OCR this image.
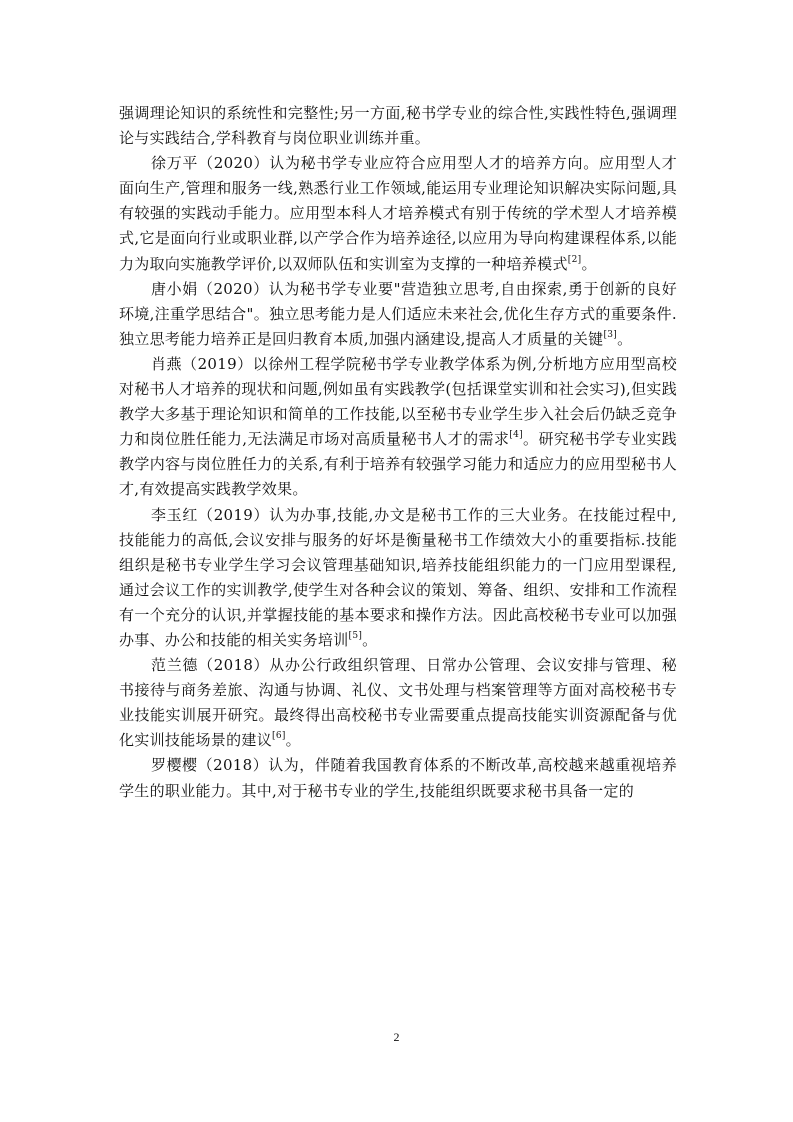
强调理论知识的系统性和完整性;另一方面,秘书学专业的综合性,实践性特色,强调理论与实践结合,学科教育与岗位职业训练并重。

徐万平（2020）认为秘书学专业应符合应用型人才的培养方向。应用型人才面向生产,管理和服务一线,熟悉行业工作领域,能运用专业理论知识解决实际问题,具有较强的实践动手能力。应用型本科人才培养模式有别于传统的学术型人才培养模式,它是面向行业或职业群,以产学合作为培养途径,以应用为导向构建课程体系,以能力为取向实施教学评价,以双师队伍和实训室为支撑的一种培养模式[2]。

唐小娟（2020）认为秘书学专业要"营造独立思考,自由探索,勇于创新的良好环境,注重学思结合"。独立思考能力是人们适应未来社会,优化生存方式的重要条件.独立思考能力培养正是回归教育本质,加强内涵建设,提高人才质量的关键[3]。

肖燕（2019）以徐州工程学院秘书学专业教学体系为例,分析地方应用型高校对秘书人才培养的现状和问题,例如虽有实践教学(包括课堂实训和社会实习),但实践教学大多基于理论知识和简单的工作技能,以至秘书专业学生步入社会后仍缺乏竞争力和岗位胜任能力,无法满足市场对高质量秘书人才的需求[4]。研究秘书学专业实践教学内容与岗位胜任力的关系,有利于培养有较强学习能力和适应力的应用型秘书人才,有效提高实践教学效果。

李玉红（2019）认为办事,技能,办文是秘书工作的三大业务。在技能过程中,技能能力的高低,会议安排与服务的好坏是衡量秘书工作绩效大小的重要指标.技能组织是秘书专业学生学习会议管理基础知识,培养技能组织能力的一门应用型课程,通过会议工作的实训教学,使学生对各种会议的策划、筹备、组织、安排和工作流程有一个充分的认识,并掌握技能的基本要求和操作方法。因此高校秘书专业可以加强办事、办公和技能的相关实务培训[5]。

范兰德（2018）从办公行政组织管理、日常办公管理、会议安排与管理、秘书接待与商务差旅、沟通与协调、礼仪、文书处理与档案管理等方面对高校秘书专业技能实训展开研究。最终得出高校秘书专业需要重点提高技能实训资源配备与优化实训技能场景的建议[6]。

罗樱樱（2018）认为，伴随着我国教育体系的不断改革,高校越来越重视培养学生的职业能力。其中,对于秘书专业的学生,技能组织既要求秘书具备一定的

2
